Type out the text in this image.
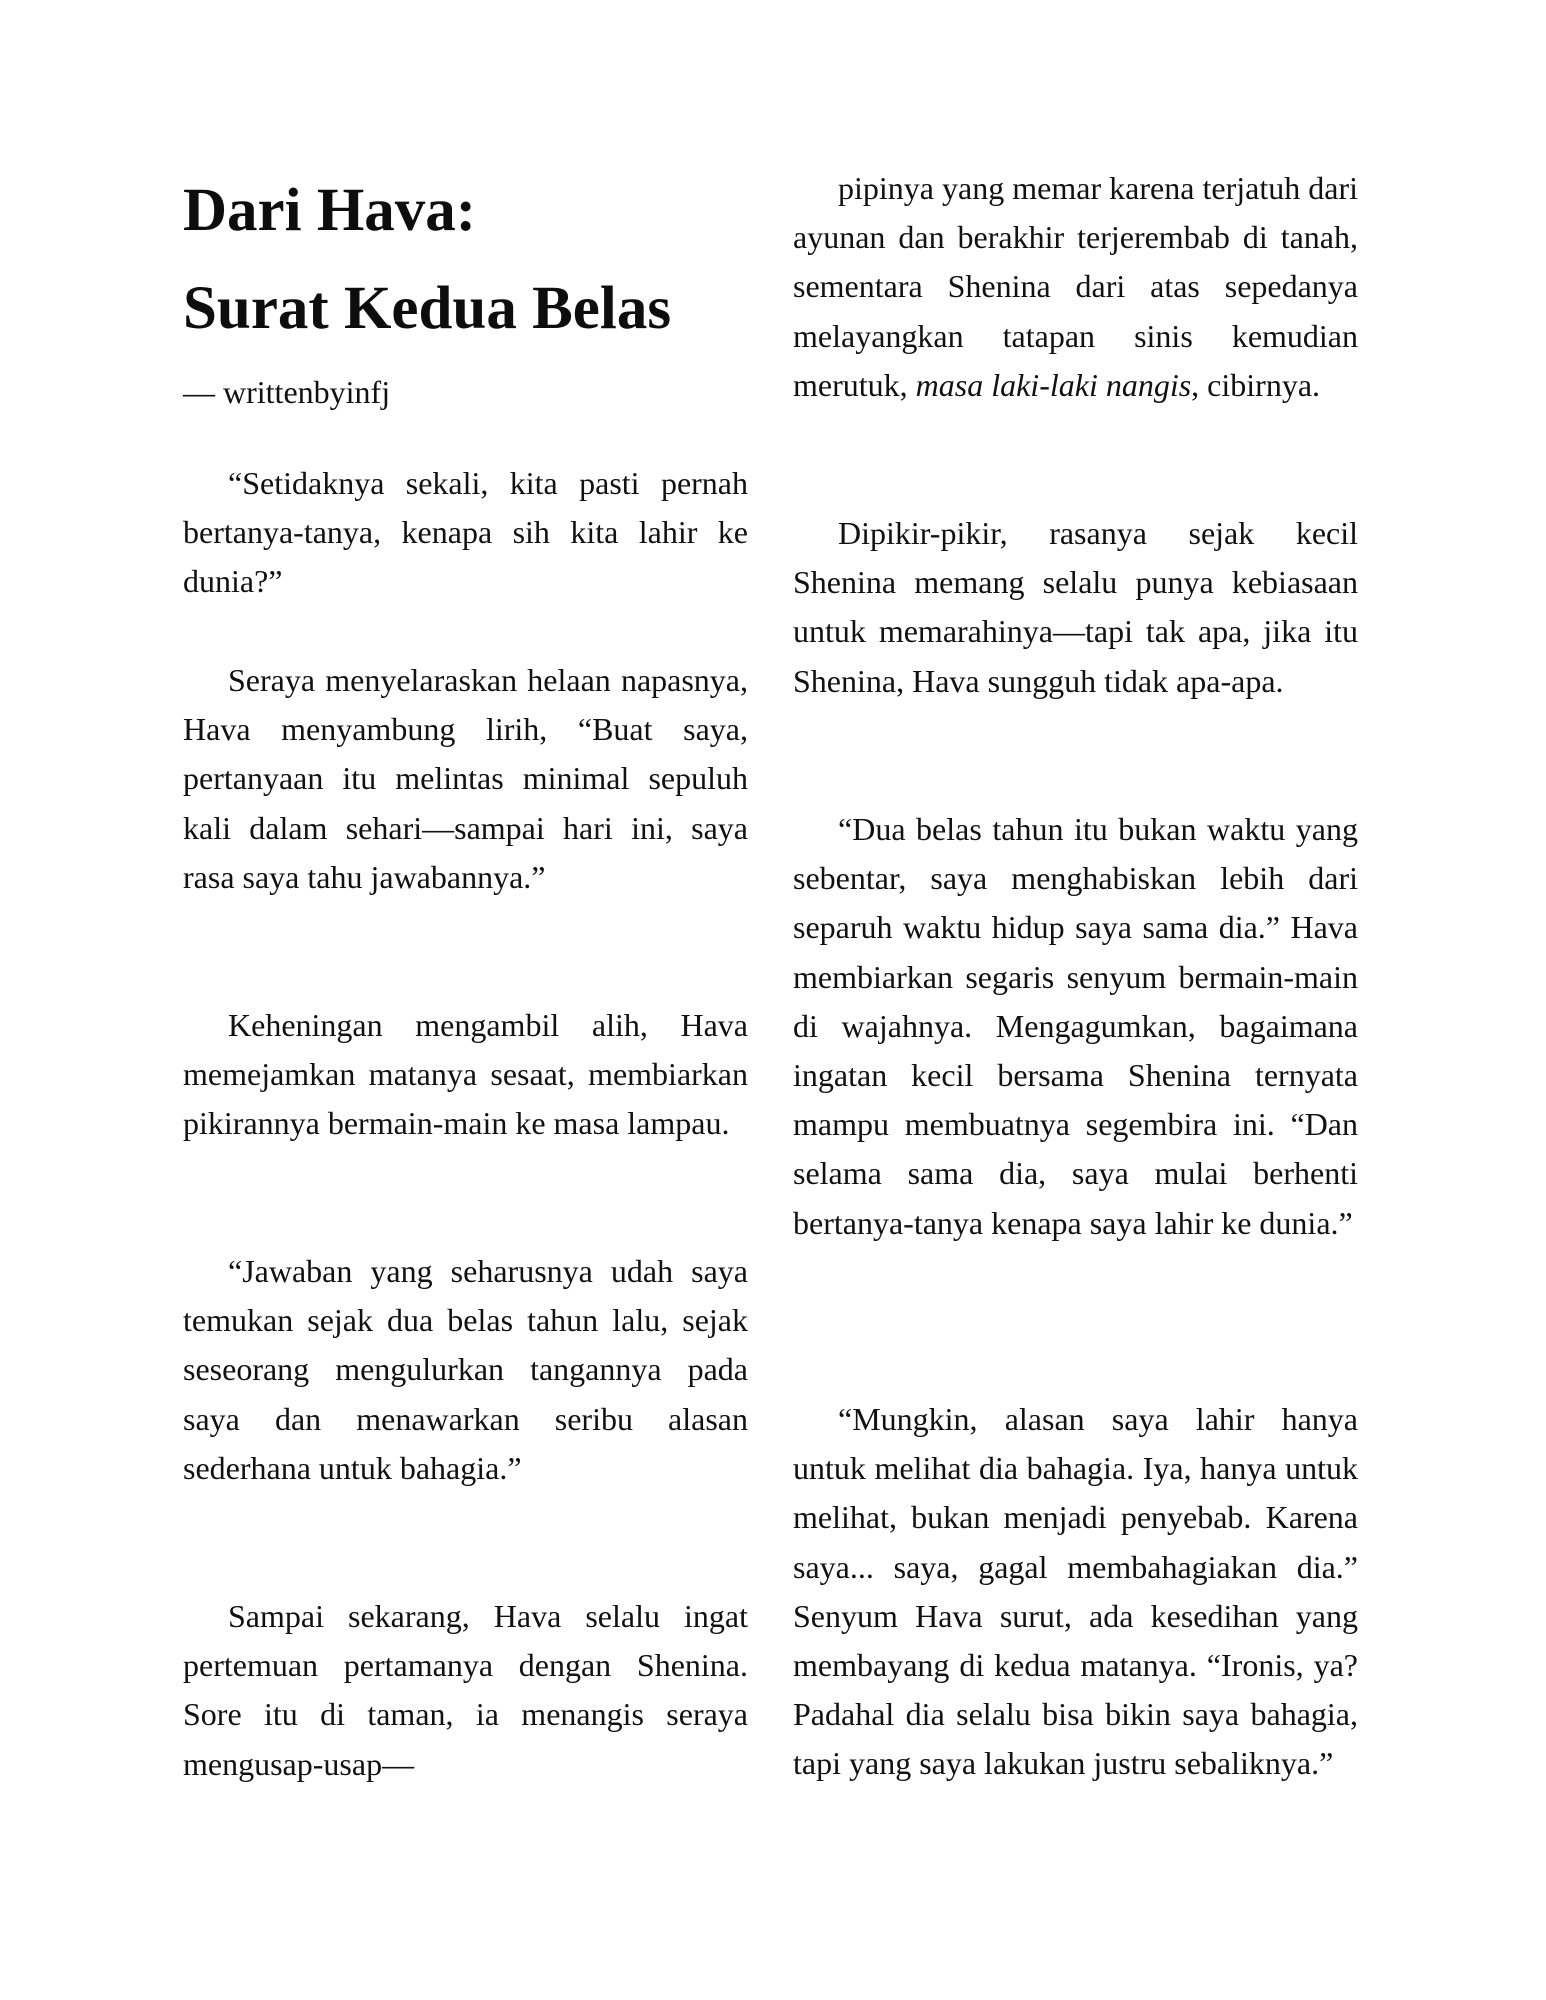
Dari Hava:
Surat Kedua Belas

— writtenbyinfj

“Setidaknya sekali, kita pasti pernah bertanya-tanya, kenapa sih kita lahir ke dunia?”

Seraya menyelaraskan helaan napasnya, Hava menyambung lirih, “Buat saya, pertanyaan itu melintas minimal sepuluh kali dalam sehari—sampai hari ini, saya rasa saya tahu jawabannya.”

Keheningan mengambil alih, Hava memejamkan matanya sesaat, membiarkan pikirannya bermain-main ke masa lampau.

“Jawaban yang seharusnya udah saya temukan sejak dua belas tahun lalu, sejak seseorang mengulurkan tangannya pada saya dan menawarkan seribu alasan sederhana untuk bahagia.”

Sampai sekarang, Hava selalu ingat pertemuan pertamanya dengan Shenina. Sore itu di taman, ia menangis seraya mengusap-usap—

pipinya yang memar karena terjatuh dari ayunan dan berakhir terjerembab di tanah, sementara Shenina dari atas sepedanya melayangkan tatapan sinis kemudian merutuk, masa laki-laki nangis, cibirnya.

Dipikir-pikir, rasanya sejak kecil Shenina memang selalu punya kebiasaan untuk memarahinya—tapi tak apa, jika itu Shenina, Hava sungguh tidak apa-apa.

“Dua belas tahun itu bukan waktu yang sebentar, saya menghabiskan lebih dari separuh waktu hidup saya sama dia.” Hava membiarkan segaris senyum bermain-main di wajahnya. Mengagumkan, bagaimana ingatan kecil bersama Shenina ternyata mampu membuatnya segembira ini. “Dan selama sama dia, saya mulai berhenti bertanya-tanya kenapa saya lahir ke dunia.”

“Mungkin, alasan saya lahir hanya untuk melihat dia bahagia. Iya, hanya untuk melihat, bukan menjadi penyebab. Karena saya... saya, gagal membahagiakan dia.” Senyum Hava surut, ada kesedihan yang membayang di kedua matanya. “Ironis, ya? Padahal dia selalu bisa bikin saya bahagia, tapi yang saya lakukan justru sebaliknya.”
